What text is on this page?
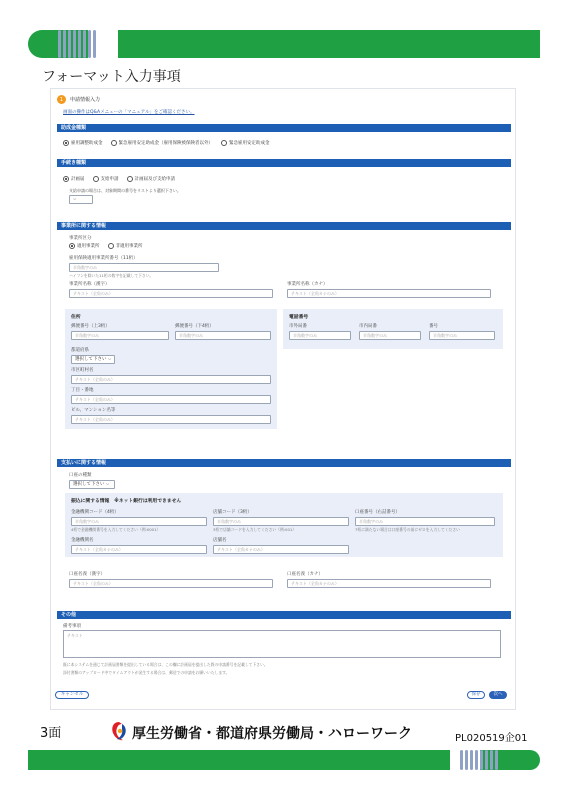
フォーマット入力事項
1	申請情報入力
画面の操作はQ&Aメニューの「マニュアル」をご確認ください。
助成金種類
雇用調整助成金	緊急雇用安定助成金（雇用保険被保険者以外）	緊急雇用安定助成金
手続き種類
計画届	支給申請	計画届及び支給申請
支給申請の場合は、対象期間の番号をリストより選択下さい。
⌵
事業所に関する情報
事業所区分
適用事業所	非適用事業所
雇用保険適用事業所番号（11桁）
半角数字のみ
ハイフンを除いた11桁の数字を記載して下さい。
事業所名称（漢字）
テキスト（全角のみ）
事業所名称（カナ）
テキスト（全角カナのみ）
住所
郵便番号（上3桁）
半角数字のみ
郵便番号（下4桁）
半角数字のみ
都道府県
選択して下さい ⌵
市区町村名
テキスト（全角のみ）
丁目・番地
テキスト（全角のみ）
ビル、マンション名等
テキスト（全角のみ）
電話番号
市外局番
半角数字のみ
市内局番
半角数字のみ
番号
半角数字のみ
支払いに関する情報
口座の種類
選択して下さい ⌵
振込に関する情報　※ネット銀行は利用できません
金融機関コード（4桁）
半角数字のみ
4桁で金融機関番号を入力してください（例:0001）
店舗コード（3桁）
半角数字のみ
3桁で店舗コードを入力してください（例:001）
口座番号（右詰番号）
半角数字のみ
7桁に満たない場合は口座番号の前にゼロを入力してください
金融機関名
テキスト（全角カナのみ）
店舗名
テキスト（全角カナのみ）
口座名義（漢字）
テキスト（全角のみ）
口座名義（カナ）
テキスト（全角カナのみ）
その他
備考事項
テキスト
既に本システムを通じて計画届書類を提出している場合は、この欄に計画届を提出した際の申請番号を記載して下さい。
添付書類のアップロード中でタイムアウトが発生する場合は、郵送での申請をお願いいたします。
キャンセル	保存	次へ
3面	厚生労働省・都道府県労働局・ハローワーク	PL020519企01
